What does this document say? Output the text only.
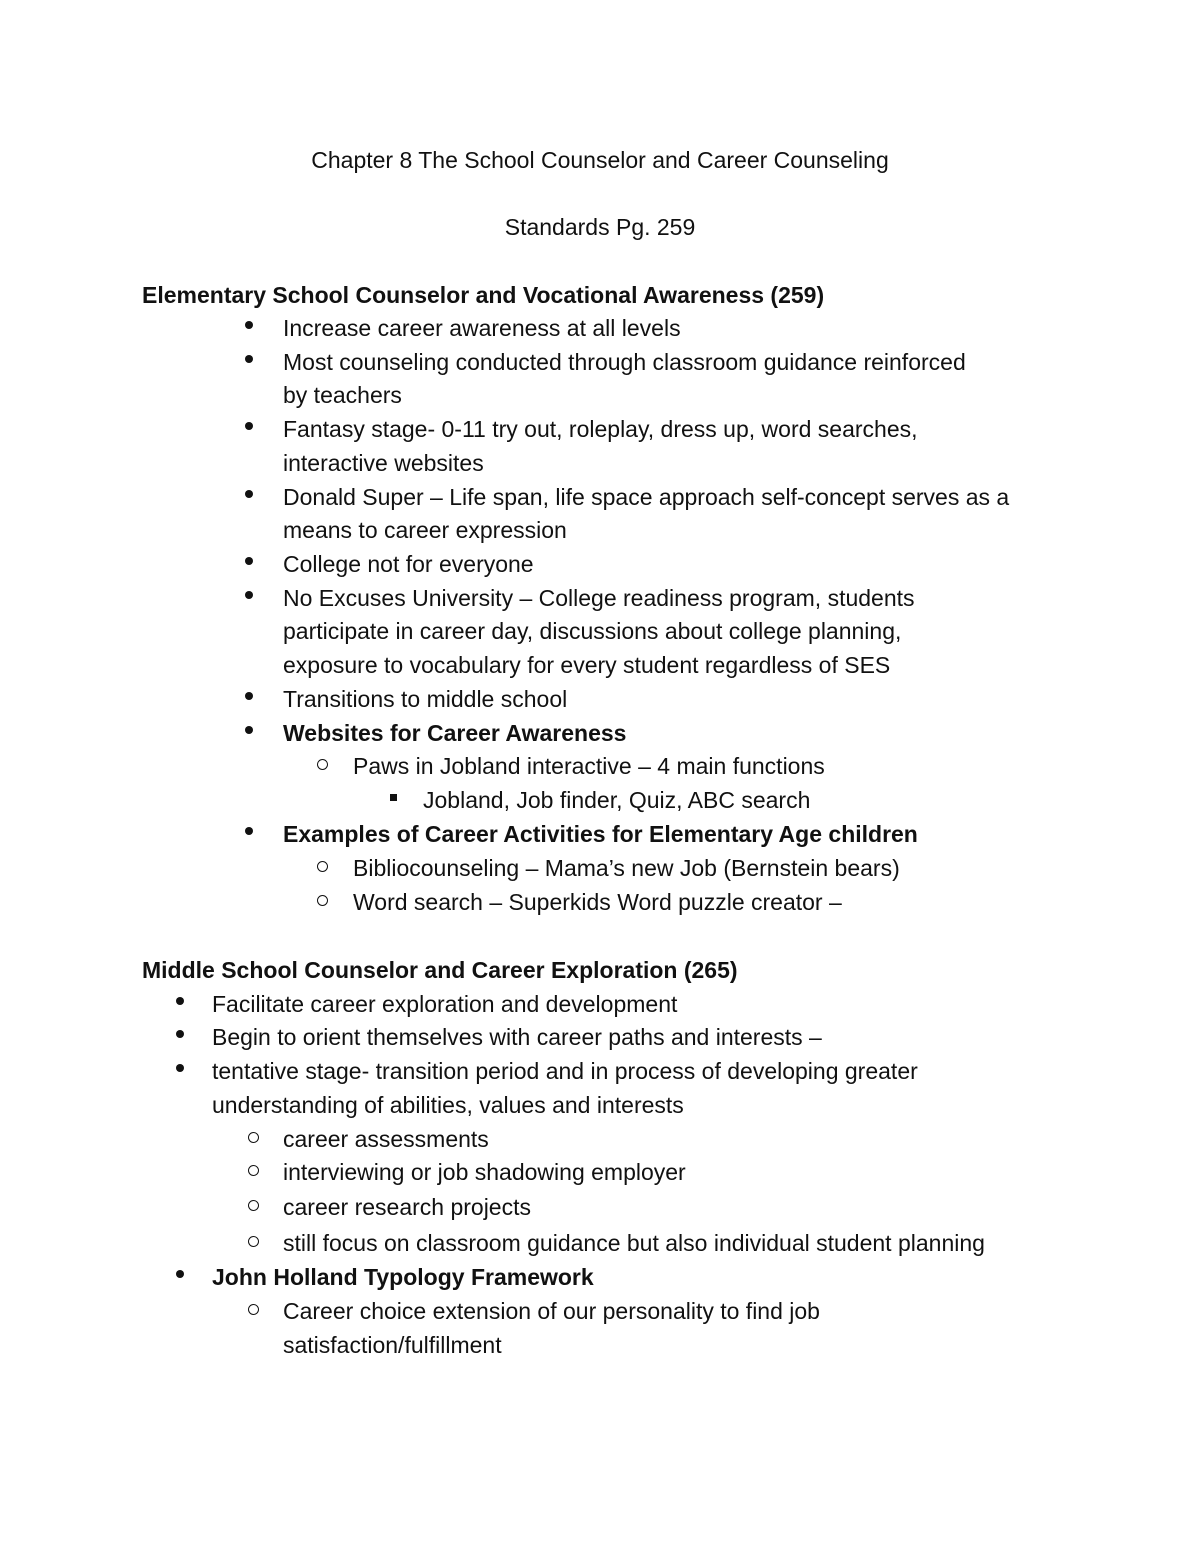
Chapter 8 The School Counselor and Career Counseling
Standards Pg. 259
Elementary School Counselor and Vocational Awareness (259)
Increase career awareness at all levels
Most counseling conducted through classroom guidance reinforced
by teachers
Fantasy stage- 0-11 try out, roleplay, dress up, word searches,
interactive websites
Donald Super – Life span, life space approach self-concept serves as a
means to career expression
College not for everyone
No Excuses University – College readiness program, students
participate in career day, discussions about college planning,
exposure to vocabulary for every student regardless of SES
Transitions to middle school
Websites for Career Awareness
Paws in Jobland interactive – 4 main functions
Jobland, Job finder, Quiz, ABC search
Examples of Career Activities for Elementary Age children
Bibliocounseling – Mama’s new Job (Bernstein bears)
Word search – Superkids Word puzzle creator –
Middle School Counselor and Career Exploration (265)
Facilitate career exploration and development
Begin to orient themselves with career paths and interests –
tentative stage- transition period and in process of developing greater
understanding of abilities, values and interests
career assessments
interviewing or job shadowing employer
career research projects
still focus on classroom guidance but also individual student planning
John Holland Typology Framework
Career choice extension of our personality to find job
satisfaction/fulfillment
